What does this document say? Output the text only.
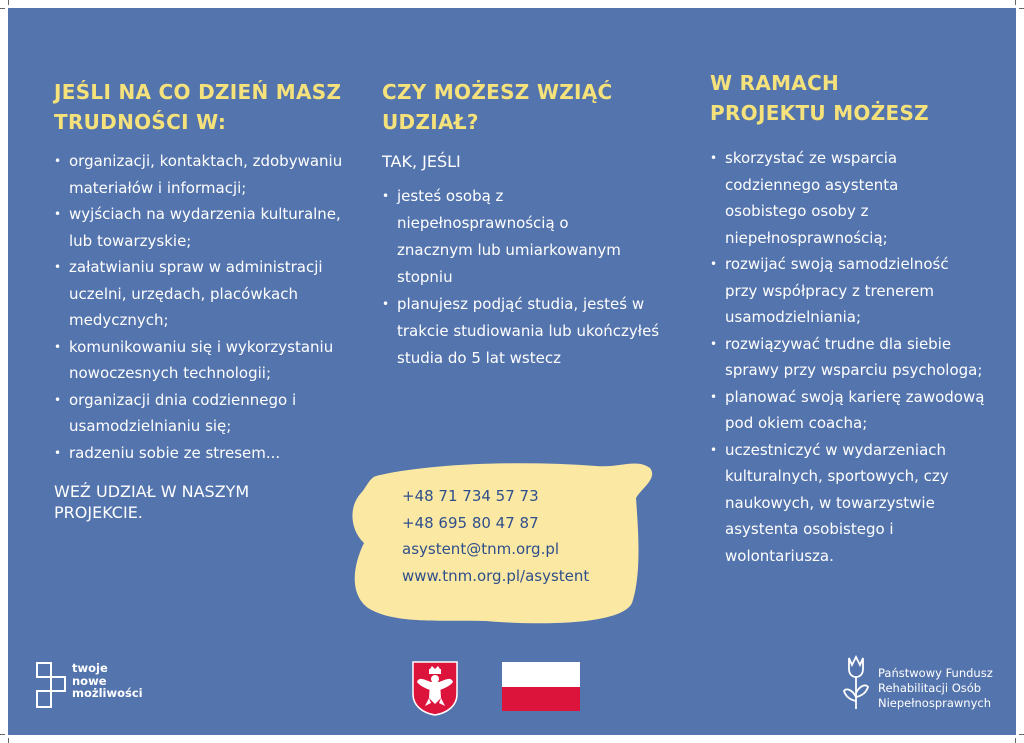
JEŚLI NA CO DZIEŃ MASZ TRUDNOŚCI W:
• organizacji, kontaktach, zdobywaniu materiałów i informacji;
• wyjściach na wydarzenia kulturalne, lub towarzyskie;
• załatwianiu spraw w administracji uczelni, urzędach, placówkach medycznych;
• komunikowaniu się i wykorzystaniu nowoczesnych technologii;
• organizacji dnia codziennego i usamodzielnianiu się;
• radzeniu sobie ze stresem...
WEŹ UDZIAŁ W NASZYM PROJEKCIE.
CZY MOŻESZ WZIĄĆ UDZIAŁ?
TAK, JEŚLI
• jesteś osobą z niepełnosprawnością o znacznym lub umiarkowanym stopniu
• planujesz podjąć studia, jesteś w trakcie studiowania lub ukończyłeś studia do 5 lat wstecz
+48 71 734 57 73
+48 695 80 47 87
asystent@tnm.org.pl
www.tnm.org.pl/asystent
W RAMACH PROJEKTU MOŻESZ
• skorzystać ze wsparcia codziennego asystenta osobistego osoby z niepełnosprawnością;
• rozwijać swoją samodzielność przy współpracy z trenerem usamodzielniania;
• rozwiązywać trudne dla siebie sprawy przy wsparciu psychologa;
• planować swoją karierę zawodową pod okiem coacha;
• uczestniczyć w wydarzeniach kulturalnych, sportowych, czy naukowych, w towarzystwie asystenta osobistego i wolontariusza.
twoje
nowe
możliwości
Państwowy Fundusz
Rehabilitacji Osób
Niepełnosprawnych
